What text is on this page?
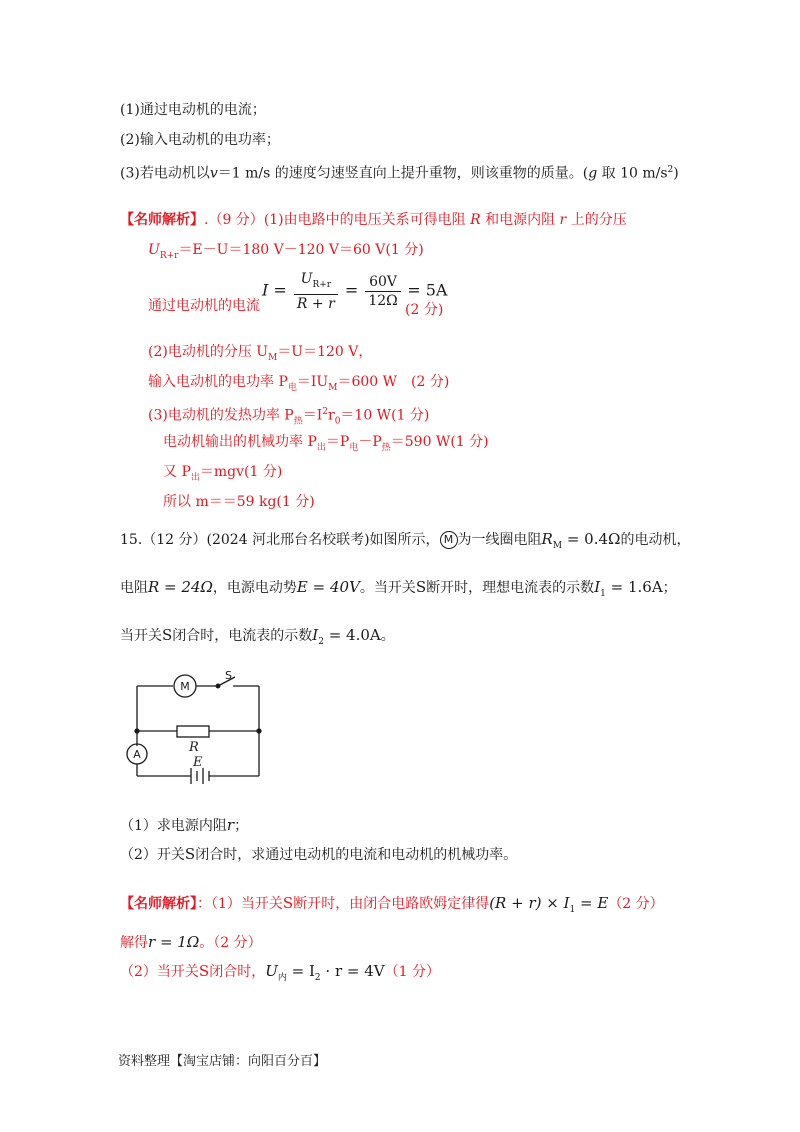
(1)通过电动机的电流；
(2)输入电动机的电功率；
(3)若电动机以v＝1 m/s 的速度匀速竖直向上提升重物，则该重物的质量。(g 取 10 $m/s^2$)
【名师解析】.（9 分）(1)由电路中的电压关系可得电阻 R 和电源内阻 r 上的分压
$U_{R+r}=E-U=180$ V－120 V＝60 V(1 分)
通过电动机的电流
$I = \frac{U_{R+r}}{R + r} = \frac{60V}{12\Omega} = 5A$
(2 分)
(2)电动机的分压 $U_M=U=120$ V，
输入电动机的电功率 $P_电=IU_M=600$ W　(2 分)
(3)电动机的发热功率 $P_热=I^2r_0=10$ W(1 分)
电动机输出的机械功率 $P_出=P_电-P_热=590$ W(1 分)
又 $P_出=mgv(1$ 分)
所以 m＝＝59 kg(1 分)
15.（12 分）(2024 河北邢台名校联考)如图所示， M 为一线圈电阻$R_M = 0.4\Omega$的电动机，
电阻R = 24Ω，电源电动势E = 40V。当开关S断开时，理想电流表的示数$I_1 = 1.6A$；
当开关S闭合时，电流表的示数$I_2 = 4.0A$。
M
S
A	R
E
（1）求电源内阻r；
（2）开关S闭合时，求通过电动机的电流和电动机的机械功率。
【名师解析】：（1）当开关S断开时，由闭合电路欧姆定律得$(R + r) \times I_1 = E(2$ 分）
解得r = 1Ω。（2 分）
（2）当开关S闭合时，$U_内 = I_2 \cdot r = 4V(1$ 分）
资料整理【淘宝店铺：向阳百分百】
